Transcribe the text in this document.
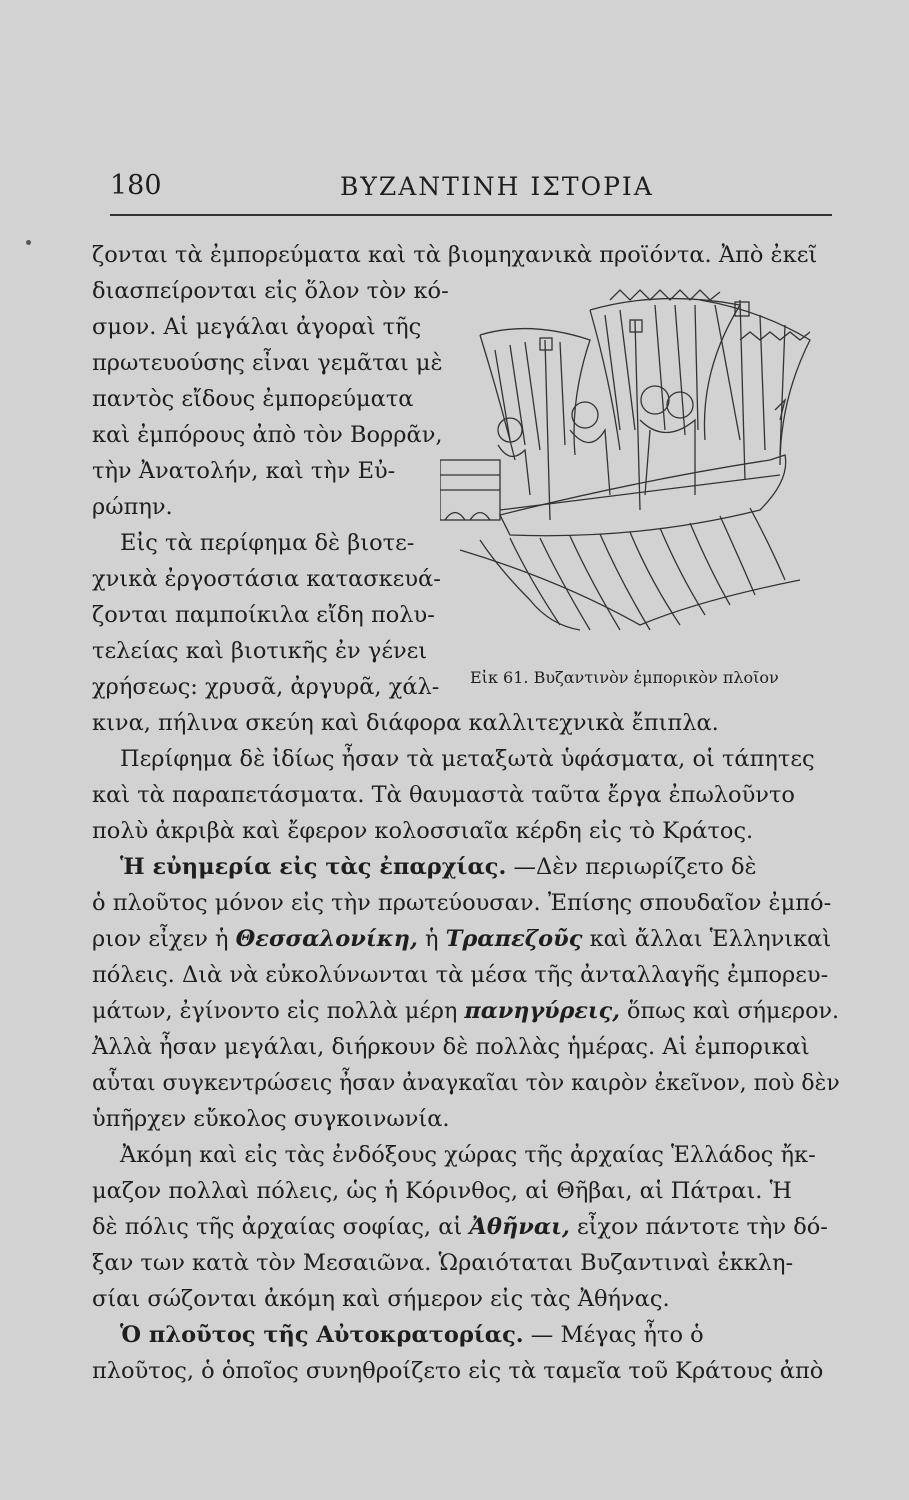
180	ΒΥΖΑΝΤΙΝΗ ΙΣΤΟΡΙΑ
Εἰκ 61. Βυζαντινὸν ἐμπορικὸν πλοῖον
ζονται τὰ ἐμπορεύματα καὶ τὰ βιομηχανικὰ προϊόντα. Ἀπὸ ἐκεῖ
διασπείρονται εἰς ὅλον τὸν κό-
σμον. Αἱ μεγάλαι ἀγοραὶ τῆς
πρωτευούσης εἶναι γεμᾶται μὲ
παντὸς εἴδους ἐμπορεύματα
καὶ ἐμπόρους ἀπὸ τὸν Βορρᾶν,
τὴν Ἀνατολήν, καὶ τὴν Εὐ-
ρώπην.
Εἰς τὰ περίφημα δὲ βιοτε-
χνικὰ ἐργοστάσια κατασκευά-
ζονται παμποίκιλα εἴδη πολυ-
τελείας καὶ βιοτικῆς ἐν γένει
χρήσεως: χρυσᾶ, ἀργυρᾶ, χάλ-
κινα, πήλινα σκεύη καὶ διάφορα καλλιτεχνικὰ ἔπιπλα.
Περίφημα δὲ ἰδίως ἦσαν τὰ μεταξωτὰ ὑφάσματα, οἱ τάπητες
καὶ τὰ παραπετάσματα. Τὰ θαυμαστὰ ταῦτα ἔργα ἐπωλοῦντο
πολὺ ἀκριβὰ καὶ ἔφερον κολοσσιαῖα κέρδη εἰς τὸ Κράτος.
Ἡ εὐημερία εἰς τὰς ἐπαρχίας. —Δὲν περιωρίζετο δὲ
ὁ πλοῦτος μόνον εἰς τὴν πρωτεύουσαν. Ἐπίσης σπουδαῖον ἐμπό-
ριον εἶχεν ἡ Θεσσαλονίκη, ἡ Τραπεζοῦς καὶ ἄλλαι Ἑλληνικαὶ
πόλεις. Διὰ νὰ εὐκολύνωνται τὰ μέσα τῆς ἀνταλλαγῆς ἐμπορευ-
μάτων, ἐγίνοντο εἰς πολλὰ μέρη πανηγύρεις, ὅπως καὶ σήμερον.
Ἀλλὰ ἦσαν μεγάλαι, διήρκουν δὲ πολλὰς ἡμέρας. Αἱ ἐμπορικαὶ
αὗται συγκεντρώσεις ἦσαν ἀναγκαῖαι τὸν καιρὸν ἐκεῖνον, ποὺ δὲν
ὑπῆρχεν εὔκολος συγκοινωνία.
Ἀκόμη καὶ εἰς τὰς ἐνδόξους χώρας τῆς ἀρχαίας Ἑλλάδος ἤκ-
μαζον πολλαὶ πόλεις, ὡς ἡ Κόρινθος, αἱ Θῆβαι, αἱ Πάτραι. Ἡ
δὲ πόλις τῆς ἀρχαίας σοφίας, αἱ Ἀθῆναι, εἶχον πάντοτε τὴν δό-
ξαν των κατὰ τὸν Μεσαιῶνα. Ὡραιόταται Βυζαντιναὶ ἐκκλη-
σίαι σώζονται ἀκόμη καὶ σήμερον εἰς τὰς Ἀθήνας.
Ὁ πλοῦτος τῆς Αὐτοκρατορίας. — Μέγας ἦτο ὁ
πλοῦτος, ὁ ὁποῖος συνηθροίζετο εἰς τὰ ταμεῖα τοῦ Κράτους ἀπὸ
